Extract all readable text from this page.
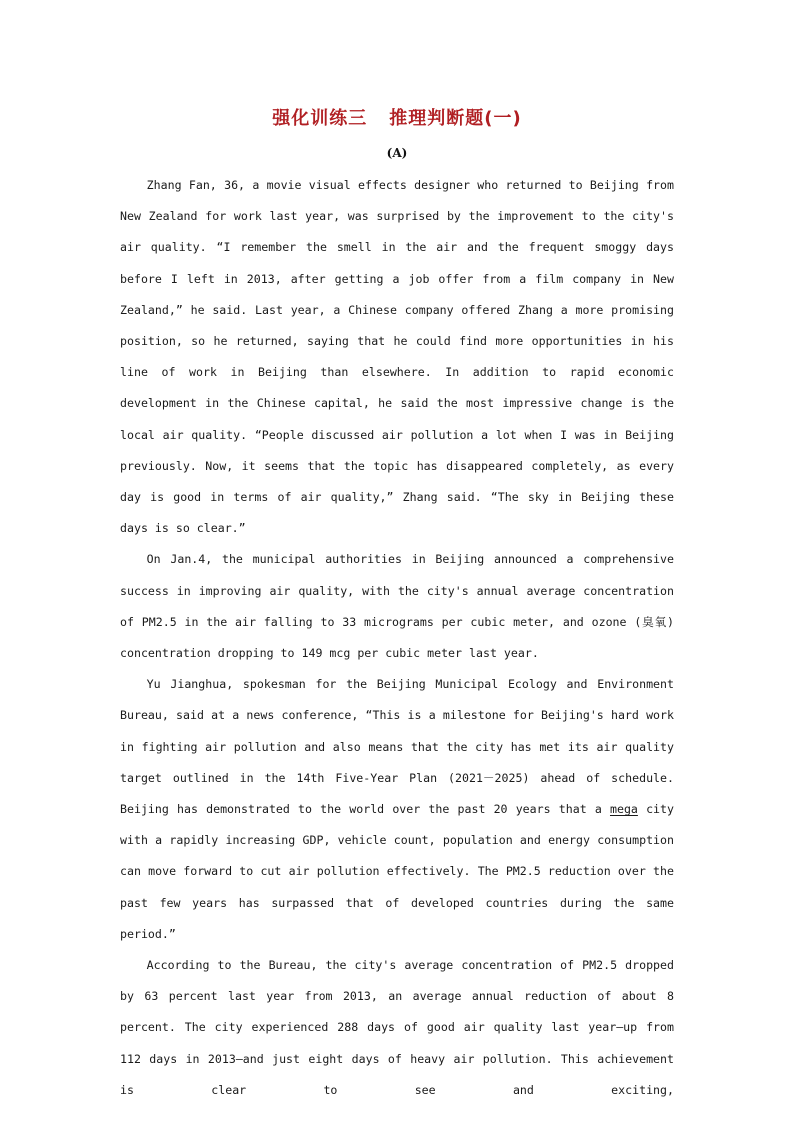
强化训练三 推理判断题(一)
(A)

Zhang Fan, 36, a movie visual effects designer who returned to Beijing from New Zealand for work last year, was surprised by the improvement to the city's air quality. “I remember the smell in the air and the frequent smoggy days before I left in 2013, after getting a job offer from a film company in New Zealand,” he said. Last year, a Chinese company offered Zhang a more promising position, so he returned, saying that he could find more opportunities in his line of work in Beijing than elsewhere. In addition to rapid economic development in the Chinese capital, he said the most impressive change is the local air quality. “People discussed air pollution a lot when I was in Beijing previously. Now, it seems that the topic has disappeared completely, as every day is good in terms of air quality,” Zhang said. “The sky in Beijing these days is so clear.”

On Jan.4, the municipal authorities in Beijing announced a comprehensive success in improving air quality, with the city's annual average concentration of PM2.5 in the air falling to 33 micrograms per cubic meter, and ozone (臭氧) concentration dropping to 149 mcg per cubic meter last year.

Yu Jianghua, spokesman for the Beijing Municipal Ecology and Environment Bureau, said at a news conference, “This is a milestone for Beijing's hard work in fighting air pollution and also means that the city has met its air quality target outlined in the 14th Five-Year Plan (2021－2025) ahead of schedule. Beijing has demonstrated to the world over the past 20 years that a mega city with a rapidly increasing GDP, vehicle count, population and energy consumption can move forward to cut air pollution effectively. The PM2.5 reduction over the past few years has surpassed that of developed countries during the same period.”

According to the Bureau, the city's average concentration of PM2.5 dropped by 63 percent last year from 2013, an average annual reduction of about 8 percent. The city experienced 288 days of good air quality last year—up from 112 days in 2013—and just eight days of heavy air pollution. This achievement is clear to see and exciting,
